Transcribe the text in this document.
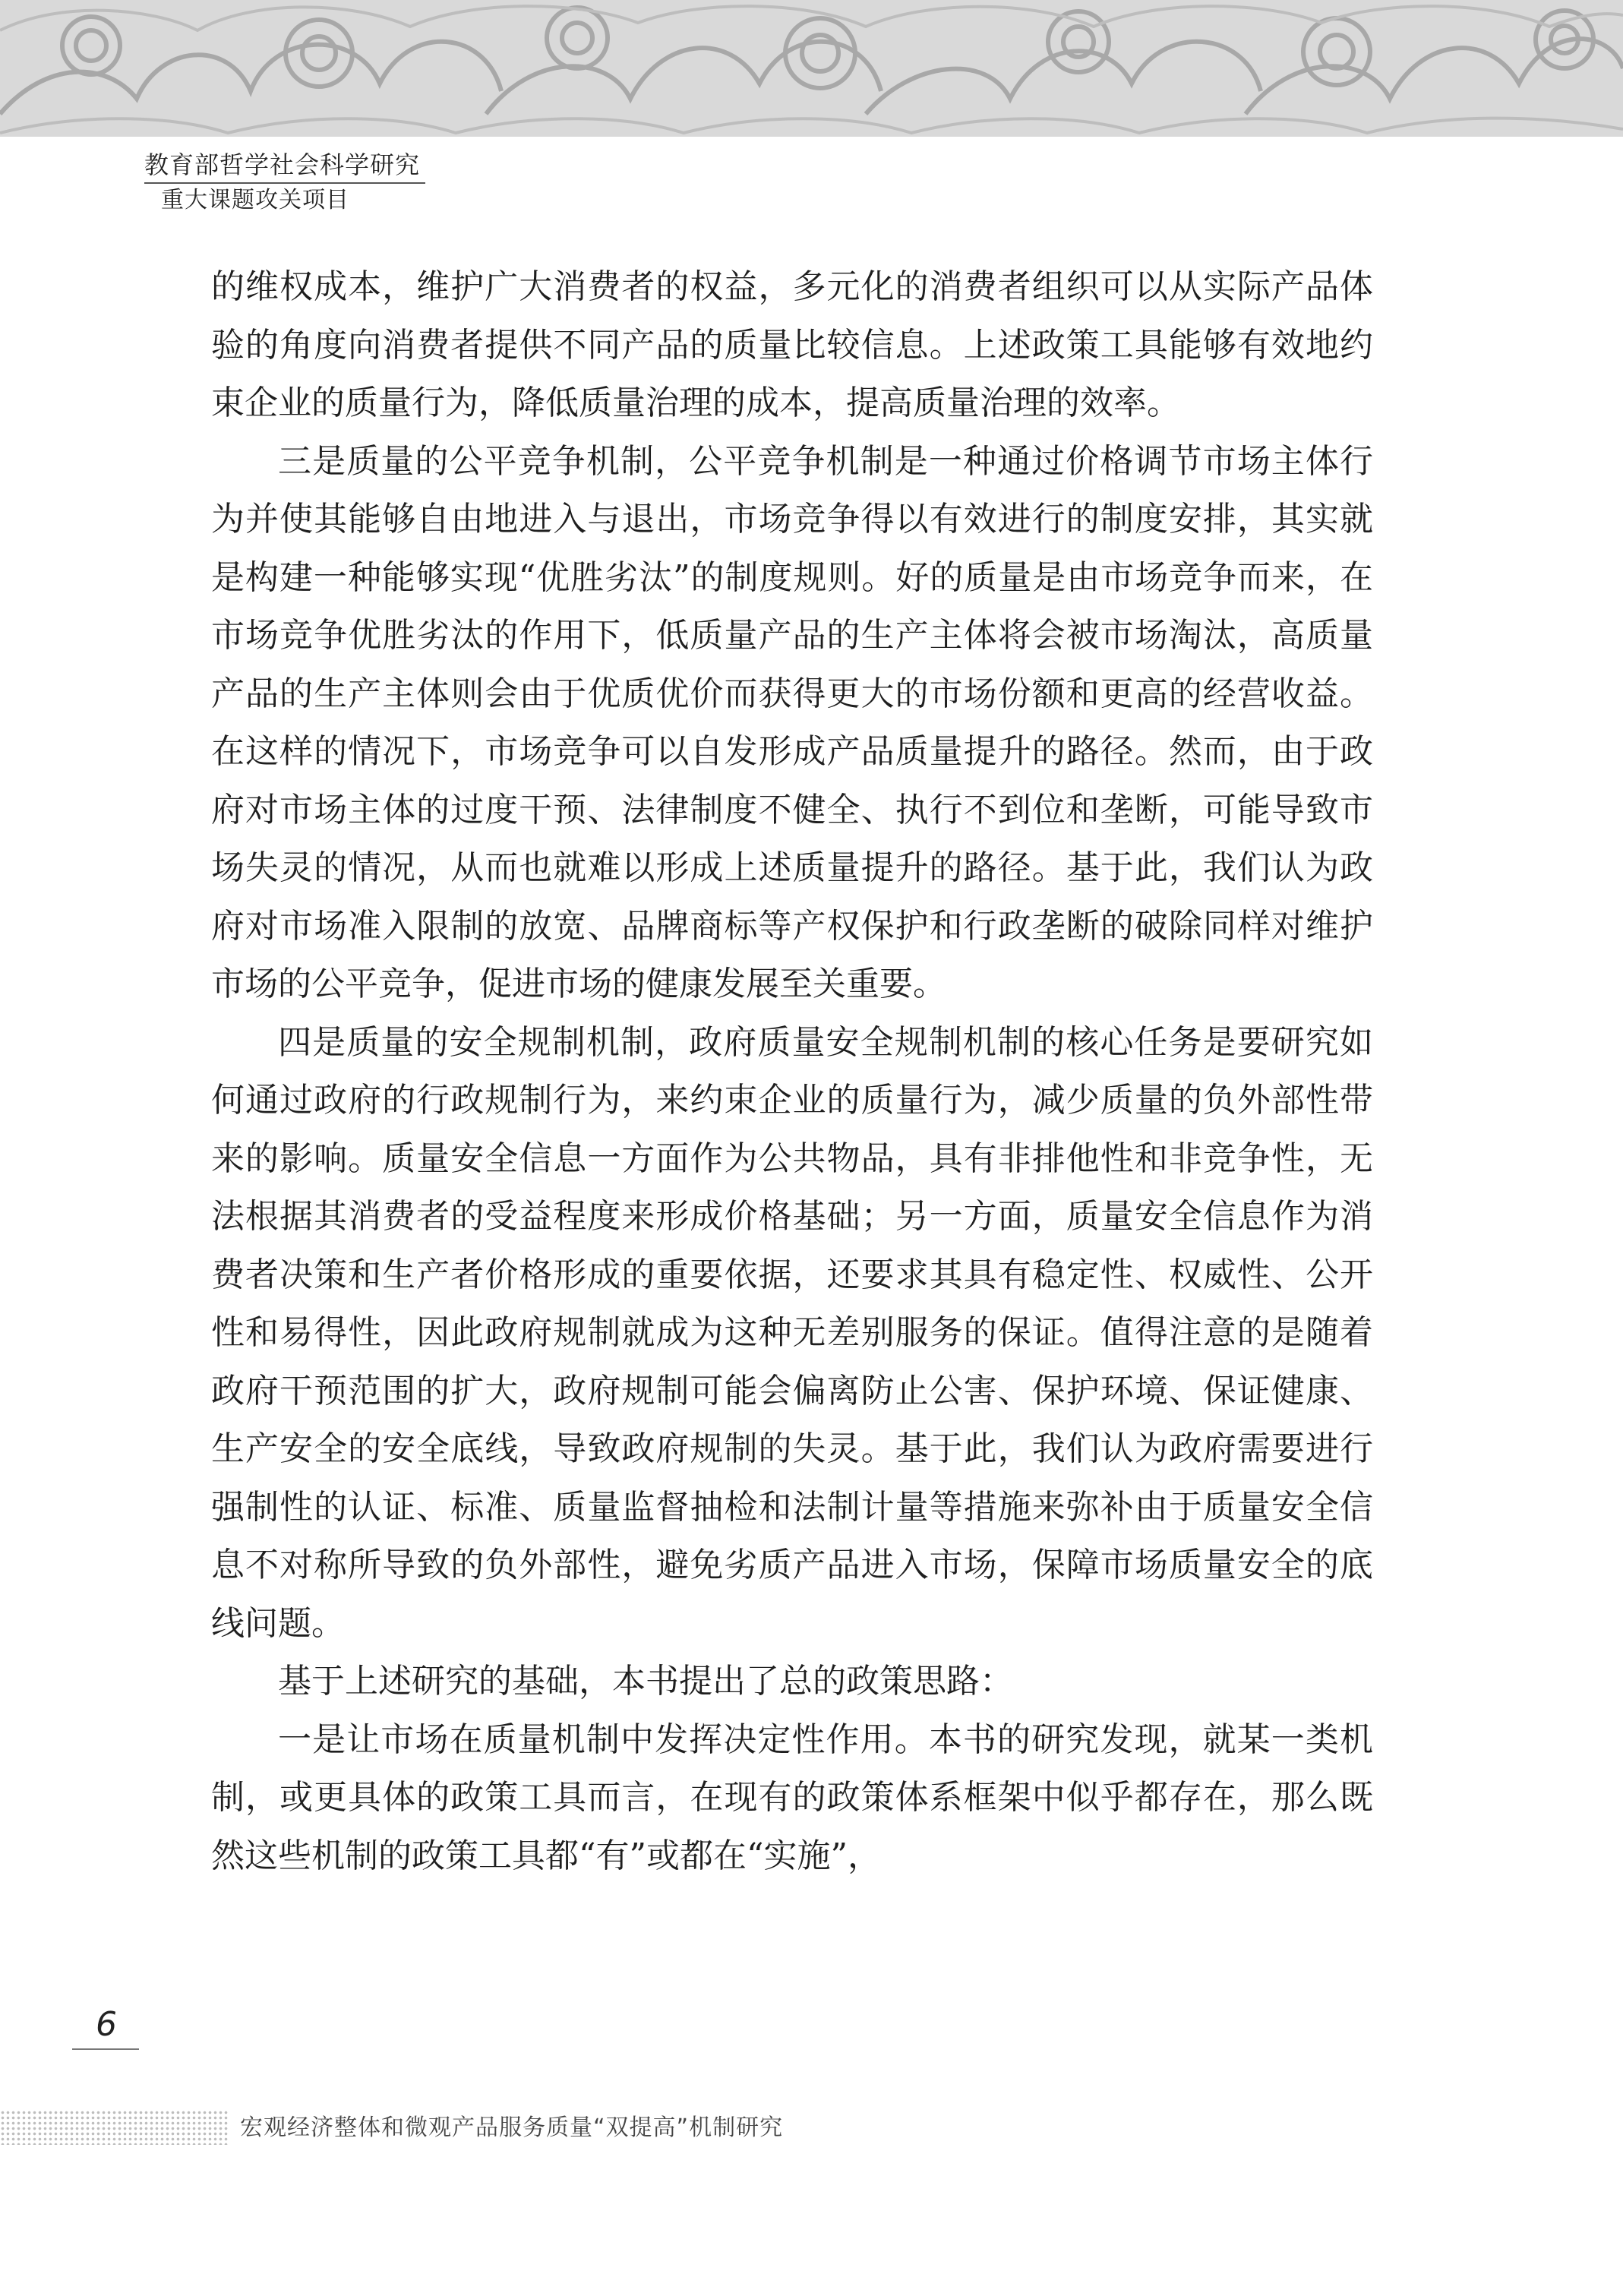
教育部哲学社会科学研究
重大课题攻关项目

的维权成本，维护广大消费者的权益，多元化的消费者组织可以从实际产品体验的角度向消费者提供不同产品的质量比较信息。上述政策工具能够有效地约束企业的质量行为，降低质量治理的成本，提高质量治理的效率。

三是质量的公平竞争机制，公平竞争机制是一种通过价格调节市场主体行为并使其能够自由地进入与退出，市场竞争得以有效进行的制度安排，其实就是构建一种能够实现“优胜劣汰”的制度规则。好的质量是由市场竞争而来，在市场竞争优胜劣汰的作用下，低质量产品的生产主体将会被市场淘汰，高质量产品的生产主体则会由于优质优价而获得更大的市场份额和更高的经营收益。在这样的情况下，市场竞争可以自发形成产品质量提升的路径。然而，由于政府对市场主体的过度干预、法律制度不健全、执行不到位和垄断，可能导致市场失灵的情况，从而也就难以形成上述质量提升的路径。基于此，我们认为政府对市场准入限制的放宽、品牌商标等产权保护和行政垄断的破除同样对维护市场的公平竞争，促进市场的健康发展至关重要。

四是质量的安全规制机制，政府质量安全规制机制的核心任务是要研究如何通过政府的行政规制行为，来约束企业的质量行为，减少质量的负外部性带来的影响。质量安全信息一方面作为公共物品，具有非排他性和非竞争性，无法根据其消费者的受益程度来形成价格基础；另一方面，质量安全信息作为消费者决策和生产者价格形成的重要依据，还要求其具有稳定性、权威性、公开性和易得性，因此政府规制就成为这种无差别服务的保证。值得注意的是随着政府干预范围的扩大，政府规制可能会偏离防止公害、保护环境、保证健康、生产安全的安全底线，导致政府规制的失灵。基于此，我们认为政府需要进行强制性的认证、标准、质量监督抽检和法制计量等措施来弥补由于质量安全信息不对称所导致的负外部性，避免劣质产品进入市场，保障市场质量安全的底线问题。

基于上述研究的基础，本书提出了总的政策思路：

一是让市场在质量机制中发挥决定性作用。本书的研究发现，就某一类机制，或更具体的政策工具而言，在现有的政策体系框架中似乎都存在，那么既然这些机制的政策工具都“有”或都在“实施”，

6
宏观经济整体和微观产品服务质量“双提高”机制研究
